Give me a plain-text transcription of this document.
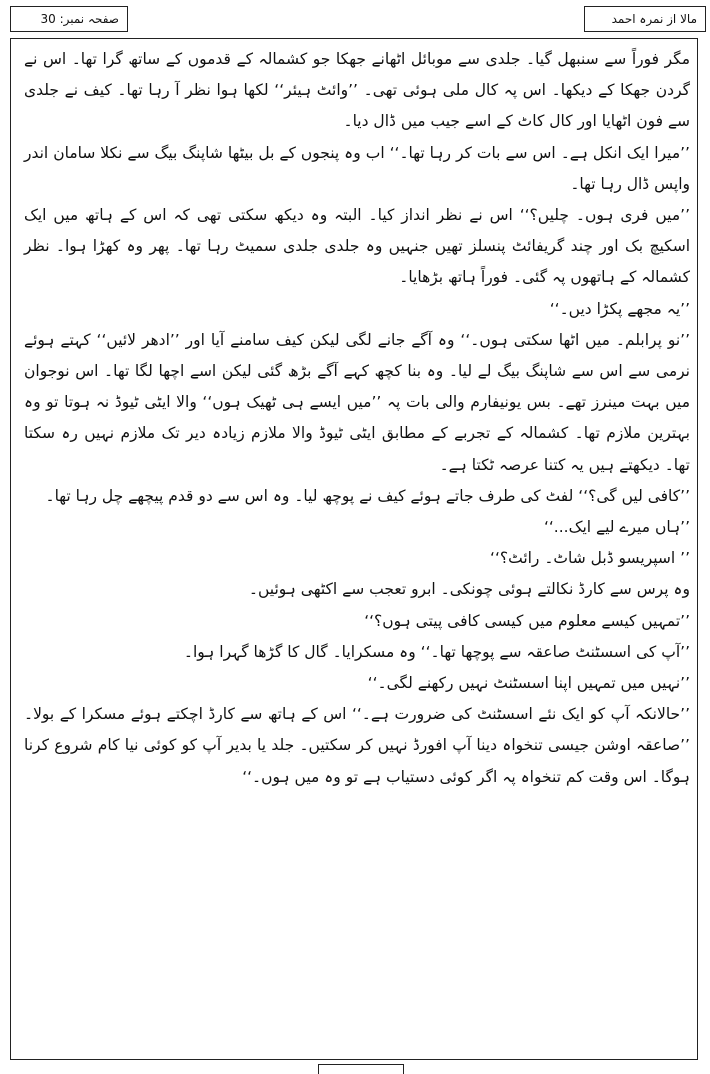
صفحہ نمبر: 30	مالا از نمرہ احمد

مگر فوراً سے سنبھل گیا۔ جلدی سے موبائل اٹھانے جھکا جو کشمالہ کے قدموں کے ساتھ گرا تھا۔ اس نے گردن جھکا کے دیکھا۔ اس پہ کال ملی ہوئی تھی۔ ’’وائٹ ہیئر‘‘ لکھا ہوا نظر آ رہا تھا۔ کیف نے جلدی سے فون اٹھایا اور کال کاٹ کے اسے جیب میں ڈال دیا۔

’’میرا ایک انکل ہے۔ اس سے بات کر رہا تھا۔‘‘ اب وہ پنجوں کے بل بیٹھا شاپنگ بیگ سے نکلا سامان اندر واپس ڈال رہا تھا۔

’’میں فری ہوں۔ چلیں؟‘‘ اس نے نظر انداز کیا۔ البتہ وہ دیکھ سکتی تھی کہ اس کے ہاتھ میں ایک اسکیچ بک اور چند گریفائٹ پنسلز تھیں جنہیں وہ جلدی جلدی سمیٹ رہا تھا۔ پھر وہ کھڑا ہوا۔ نظر کشمالہ کے ہاتھوں پہ گئی۔ فوراً ہاتھ بڑھایا۔

’’یہ مجھے پکڑا دیں۔‘‘

’’نو پرابلم۔ میں اٹھا سکتی ہوں۔‘‘ وہ آگے جانے لگی لیکن کیف سامنے آیا اور ’’ادھر لائیں‘‘ کہتے ہوئے نرمی سے اس سے شاپنگ بیگ لے لیا۔ وہ بنا کچھ کہے آگے بڑھ گئی لیکن اسے اچھا لگا تھا۔ اس نوجوان میں بہت مینرز تھے۔ بس یونیفارم والی بات پہ ’’میں ایسے ہی ٹھیک ہوں‘‘ والا ایٹی ٹیوڈ نہ ہوتا تو وہ بہترین ملازم تھا۔ کشمالہ کے تجربے کے مطابق ایٹی ٹیوڈ والا ملازم زیادہ دیر تک ملازم نہیں رہ سکتا تھا۔ دیکھتے ہیں یہ کتنا عرصہ ٹکتا ہے۔

’’کافی لیں گی؟‘‘ لفٹ کی طرف جاتے ہوئے کیف نے پوچھ لیا۔ وہ اس سے دو قدم پیچھے چل رہا تھا۔

’’ہاں میرے لیے ایک...‘‘

’’ اسپریسو ڈبل شاٹ۔ رائٹ؟‘‘

وہ پرس سے کارڈ نکالتے ہوئی چونکی۔ ابرو تعجب سے اکٹھی ہوئیں۔

’’تمہیں کیسے معلوم میں کیسی کافی پیتی ہوں؟‘‘

’’آپ کی اسسٹنٹ صاعقہ سے پوچھا تھا۔‘‘ وہ مسکرایا۔ گال کا گڑھا گہرا ہوا۔

’’نہیں میں تمہیں اپنا اسسٹنٹ نہیں رکھنے لگی۔‘‘

’’حالانکہ آپ کو ایک نئے اسسٹنٹ کی ضرورت ہے۔‘‘ اس کے ہاتھ سے کارڈ اچکتے ہوئے مسکرا کے بولا۔ ’’صاعقہ اوشن جیسی تنخواہ دینا آپ افورڈ نہیں کر سکتیں۔ جلد یا بدیر آپ کو کوئی نیا کام شروع کرنا ہوگا۔ اس وقت کم تنخواہ پہ اگر کوئی دستیاب ہے تو وہ میں ہوں۔‘‘
